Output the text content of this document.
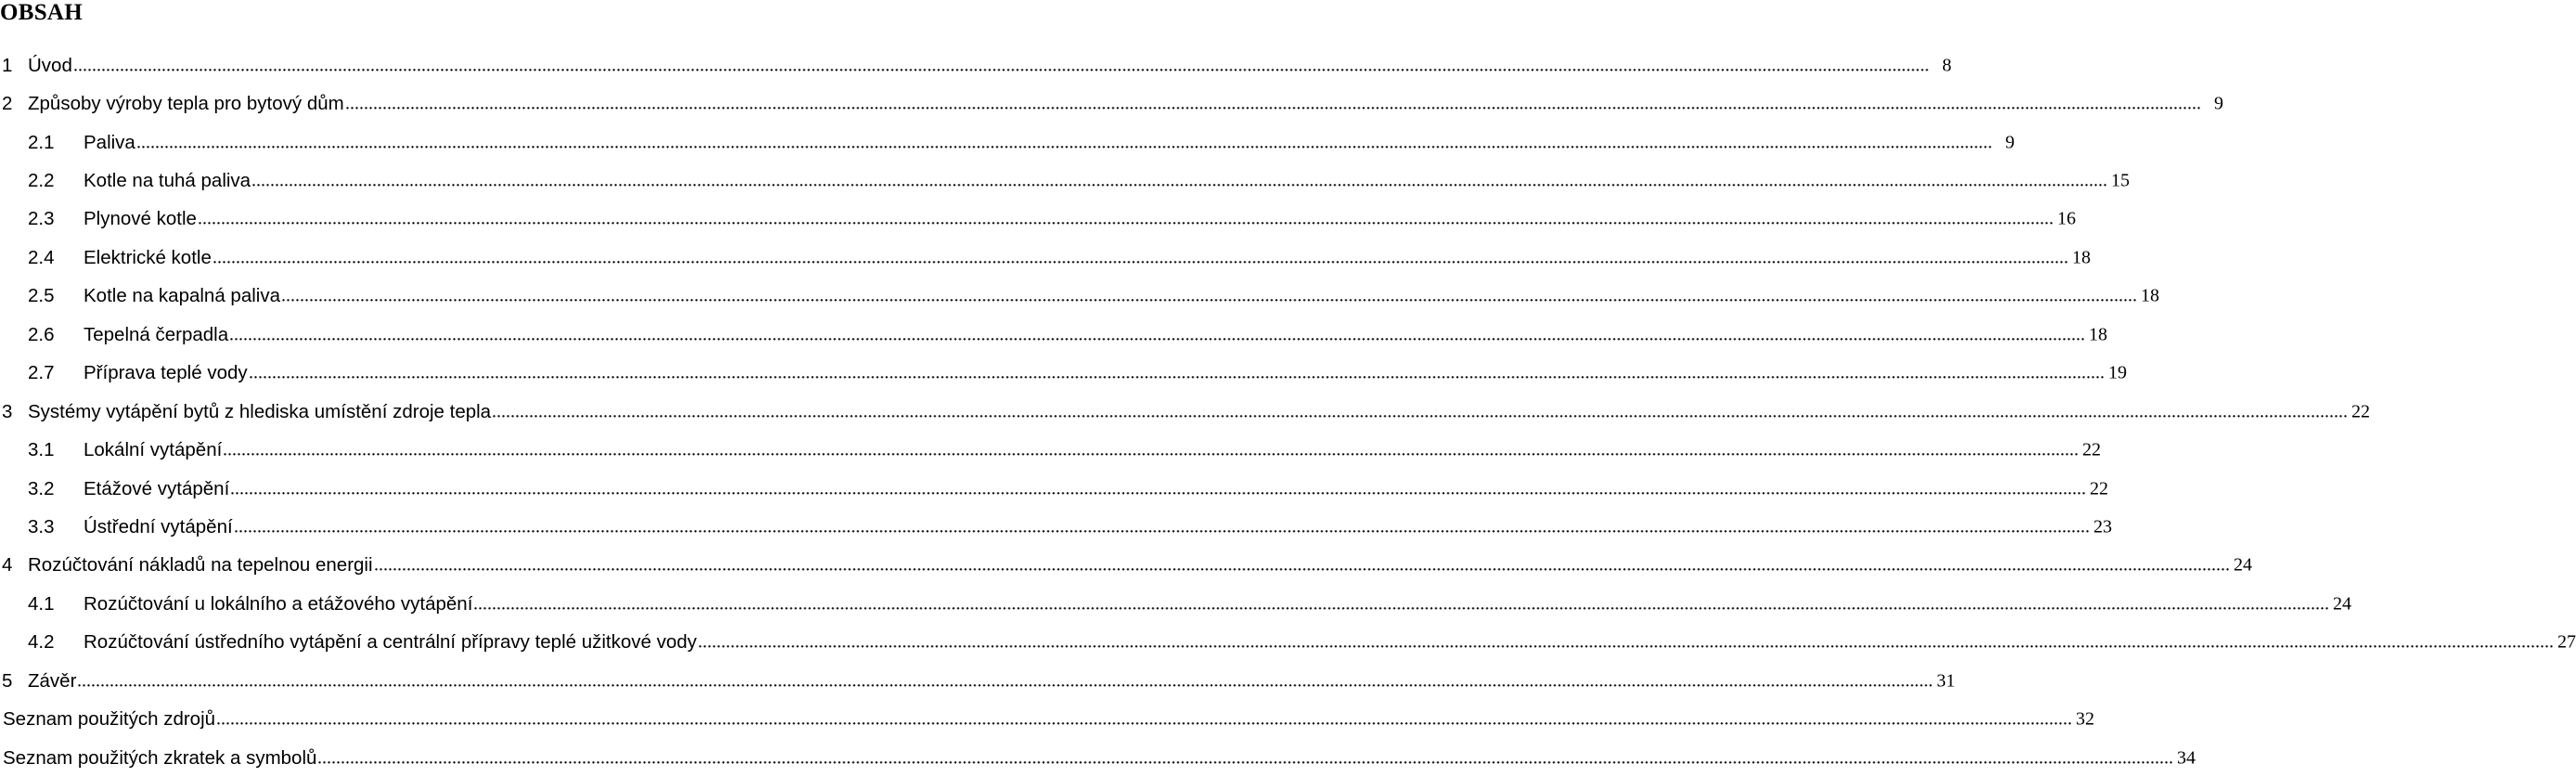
OBSAH
1 Úvod ................................................................................................................................................................................................................................................................................................................................................................................................................ 8
2 Způsoby výroby tepla pro bytový dům ................................................................................................................................................................................................................................................................................................................................................................................................................ 9
2.1 Paliva ................................................................................................................................................................................................................................................................................................................................................................................................................ 9
2.2 Kotle na tuhá paliva ................................................................................................................................................................................................................................................................................................................................................................................................................ 15
2.3 Plynové kotle ................................................................................................................................................................................................................................................................................................................................................................................................................ 16
2.4 Elektrické kotle ................................................................................................................................................................................................................................................................................................................................................................................................................ 18
2.5 Kotle na kapalná paliva ................................................................................................................................................................................................................................................................................................................................................................................................................ 18
2.6 Tepelná čerpadla ................................................................................................................................................................................................................................................................................................................................................................................................................ 18
2.7 Příprava teplé vody ................................................................................................................................................................................................................................................................................................................................................................................................................ 19
3 Systémy vytápění bytů z hlediska umístění zdroje tepla ................................................................................................................................................................................................................................................................................................................................................................................................................ 22
3.1 Lokální vytápění ................................................................................................................................................................................................................................................................................................................................................................................................................ 22
3.2 Etážové vytápění ................................................................................................................................................................................................................................................................................................................................................................................................................ 22
3.3 Ústřední vytápění ................................................................................................................................................................................................................................................................................................................................................................................................................ 23
4 Rozúčtování nákladů na tepelnou energii ................................................................................................................................................................................................................................................................................................................................................................................................................ 24
4.1 Rozúčtování u lokálního a etážového vytápění ................................................................................................................................................................................................................................................................................................................................................................................................................ 24
4.2 Rozúčtování ústředního vytápění a centrální přípravy teplé užitkové vody ................................................................................................................................................................................................................................................................................................................................................................................................................ 27
5 Závěr ................................................................................................................................................................................................................................................................................................................................................................................................................ 31
Seznam použitých zdrojů ................................................................................................................................................................................................................................................................................................................................................................................................................ 32
Seznam použitých zkratek a symbolů ................................................................................................................................................................................................................................................................................................................................................................................................................ 34
